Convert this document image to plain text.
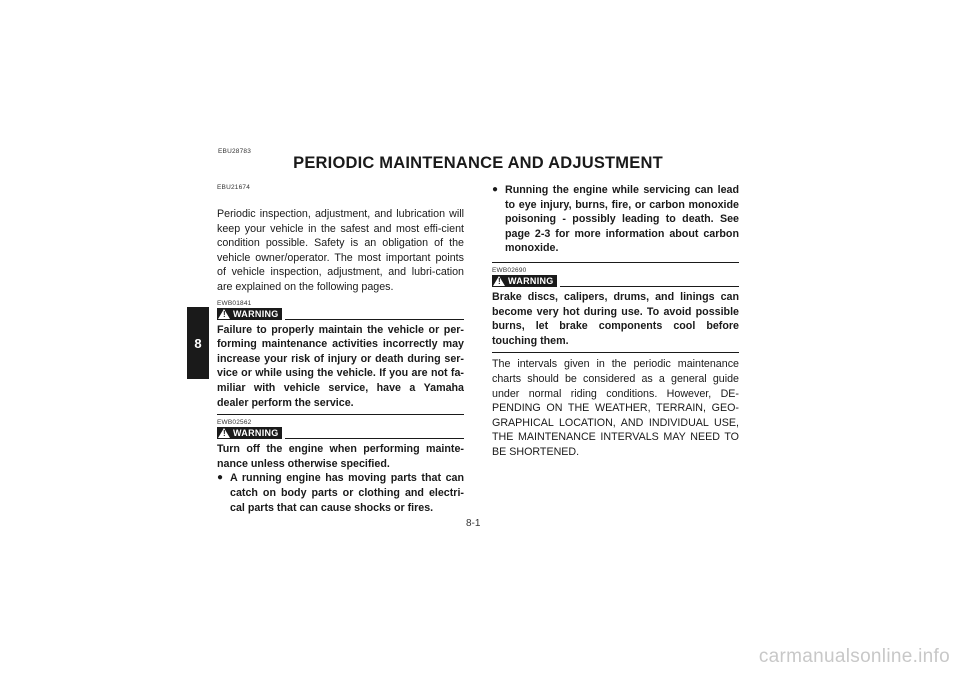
8
EBU28783
PERIODIC MAINTENANCE AND ADJUSTMENT
EBU21674

Periodic inspection, adjustment, and lubrication will keep your vehicle in the safest and most effi-cient condition possible. Safety is an obligation of the vehicle owner/operator. The most important points of vehicle inspection, adjustment, and lubri-cation are explained on the following pages.

EWB01841
! WARNING

Failure to properly maintain the vehicle or per-forming maintenance activities incorrectly may increase your risk of injury or death during ser-vice or while using the vehicle. If you are not fa-miliar with vehicle service, have a Yamaha dealer perform the service.

EWB02562
! WARNING

Turn off the engine when performing mainte-nance unless otherwise specified.

● A running engine has moving parts that can catch on body parts or clothing and electri-cal parts that can cause shocks or fires.
● Running the engine while servicing can lead to eye injury, burns, fire, or carbon monoxide poisoning - possibly leading to death. See page 2-3 for more information about carbon monoxide.
EWB02690
! WARNING

Brake discs, calipers, drums, and linings can become very hot during use. To avoid possible burns, let brake components cool before touching them.

The intervals given in the periodic maintenance charts should be considered as a general guide under normal riding conditions. However, DE-PENDING ON THE WEATHER, TERRAIN, GEO-GRAPHICAL LOCATION, AND INDIVIDUAL USE, THE MAINTENANCE INTERVALS MAY NEED TO BE SHORTENED.

8-1
carmanualsonline.info
